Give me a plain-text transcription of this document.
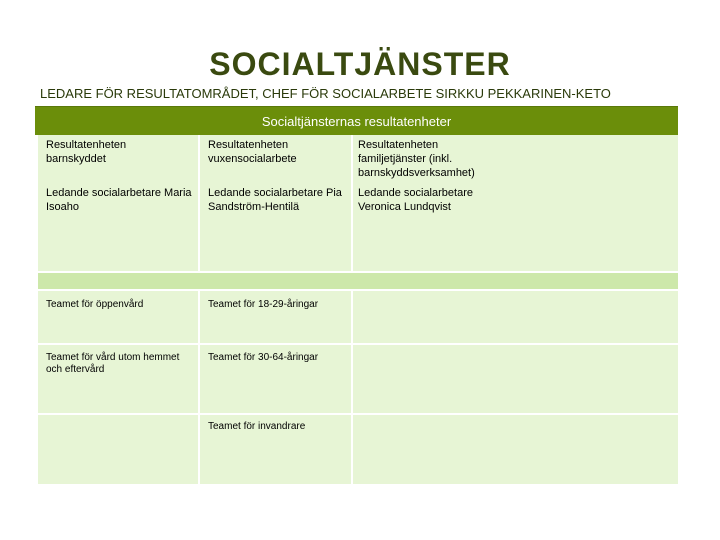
SOCIALTJÄNSTER
LEDARE FÖR RESULTATOMRÅDET, CHEF FÖR SOCIALARBETE SIRKKU PEKKARINEN-KETO
Socialtjänsternas resultatenheter
Resultatenheten barnskyddet
Ledande socialarbetare Maria Isoaho
Resultatenheten vuxensocialarbete
Ledande socialarbetare Pia Sandström-Hentilä
Resultatenheten familjetjänster (inkl. barnskyddsverksamhet)
Ledande socialarbetare Veronica Lundqvist
Teamet för öppenvård	Teamet för 18-29-åringar
Teamet för vård utom hemmet och eftervård
Teamet för 30-64-åringar
Teamet för invandrare
